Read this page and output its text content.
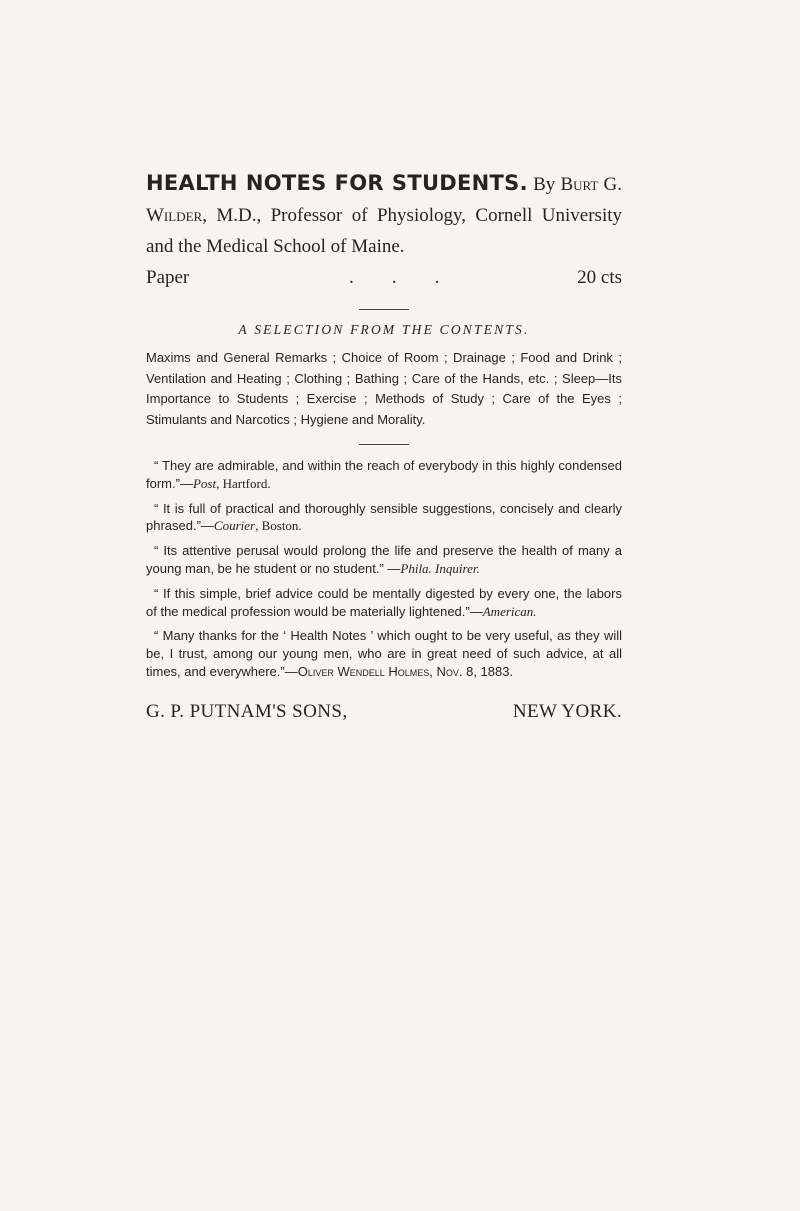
HEALTH NOTES FOR STUDENTS. By Burt G. Wilder, M.D., Professor of Physiology, Cornell University and the Medical School of Maine.
Paper	...	20 cts
A SELECTION FROM THE CONTENTS.
Maxims and General Remarks ; Choice of Room ; Drainage ; Food and Drink ; Ventilation and Heating ; Clothing ; Bathing ; Care of the Hands, etc. ; Sleep—Its Importance to Students ; Exercise ; Methods of Study ; Care of the Eyes ; Stimulants and Narcotics ; Hygiene and Morality.

“ They are admirable, and within the reach of everybody in this highly condensed form.”—Post, Hartford.

“ It is full of practical and thoroughly sensible suggestions, concisely and clearly phrased.”—Courier, Boston.

“ Its attentive perusal would prolong the life and preserve the health of many a young man, be he student or no student.” —Phila. Inquirer.

“ If this simple, brief advice could be mentally digested by every one, the labors of the medical profession would be materially lightened.”—American.

“ Many thanks for the ‘ Health Notes ’ which ought to be very useful, as they will be, I trust, among our young men, who are in great need of such advice, at all times, and everywhere.”—Oliver Wendell Holmes, Nov. 8, 1883.

G. P. PUTNAM'S SONS,	NEW YORK.
